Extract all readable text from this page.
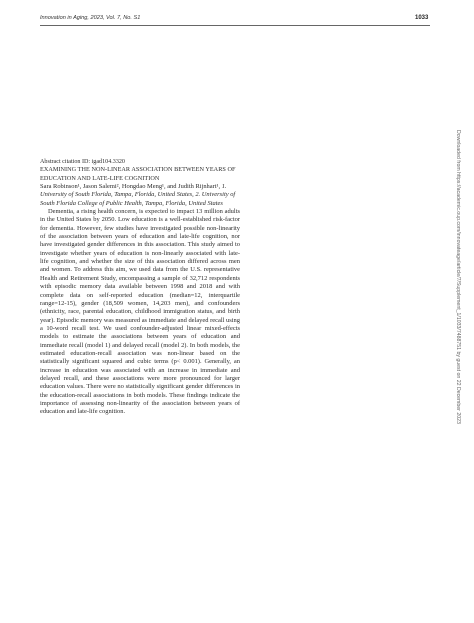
Innovation in Aging, 2023, Vol. 7, No. S1	1033

Abstract citation ID: igad104.3320

EXAMINING THE NON-LINEAR ASSOCIATION BETWEEN YEARS OF EDUCATION AND LATE-LIFE COGNITION

Sara Robinson¹, Jason Salemi², Hongdao Meng¹, and Judith Rijnhart¹, 1. University of South Florida, Tampa, Florida, United States, 2. University of South Florida College of Public Health, Tampa, Florida, United States

Dementia, a rising health concern, is expected to impact 13 million adults in the United States by 2050. Low education is a well-established risk-factor for dementia. However, few studies have investigated possible non-linearity of the association between years of education and late-life cognition, nor have investigated gender differences in this association. This study aimed to investigate whether years of education is non-linearly associated with late-life cognition, and whether the size of this association differed across men and women. To address this aim, we used data from the U.S. representative Health and Retirement Study, encompassing a sample of 32,712 respondents with episodic memory data available between 1998 and 2018 and with complete data on self-reported education (median=12, interquartile range=12-15), gender (18,509 women, 14,203 men), and confounders (ethnicity, race, parental education, childhood immigration status, and birth year). Episodic memory was measured as immediate and delayed recall using a 10-word recall test. We used confounder-adjusted linear mixed-effects models to estimate the associations between years of education and immediate recall (model 1) and delayed recall (model 2). In both models, the estimated education-recall association was non-linear based on the statistically significant squared and cubic terms (p< 0.001). Generally, an increase in education was associated with an increase in immediate and delayed recall, and these associations were more pronounced for larger education values. There were no statistically significant gender differences in the education-recall associations in both models. These findings indicate the importance of assessing non-linearity of the association between years of education and late-life cognition.	Downloaded from https://academic.oup.com/innovateage/article/7/Supplement_1/1033/7488751 by guest on 22 December 2023
